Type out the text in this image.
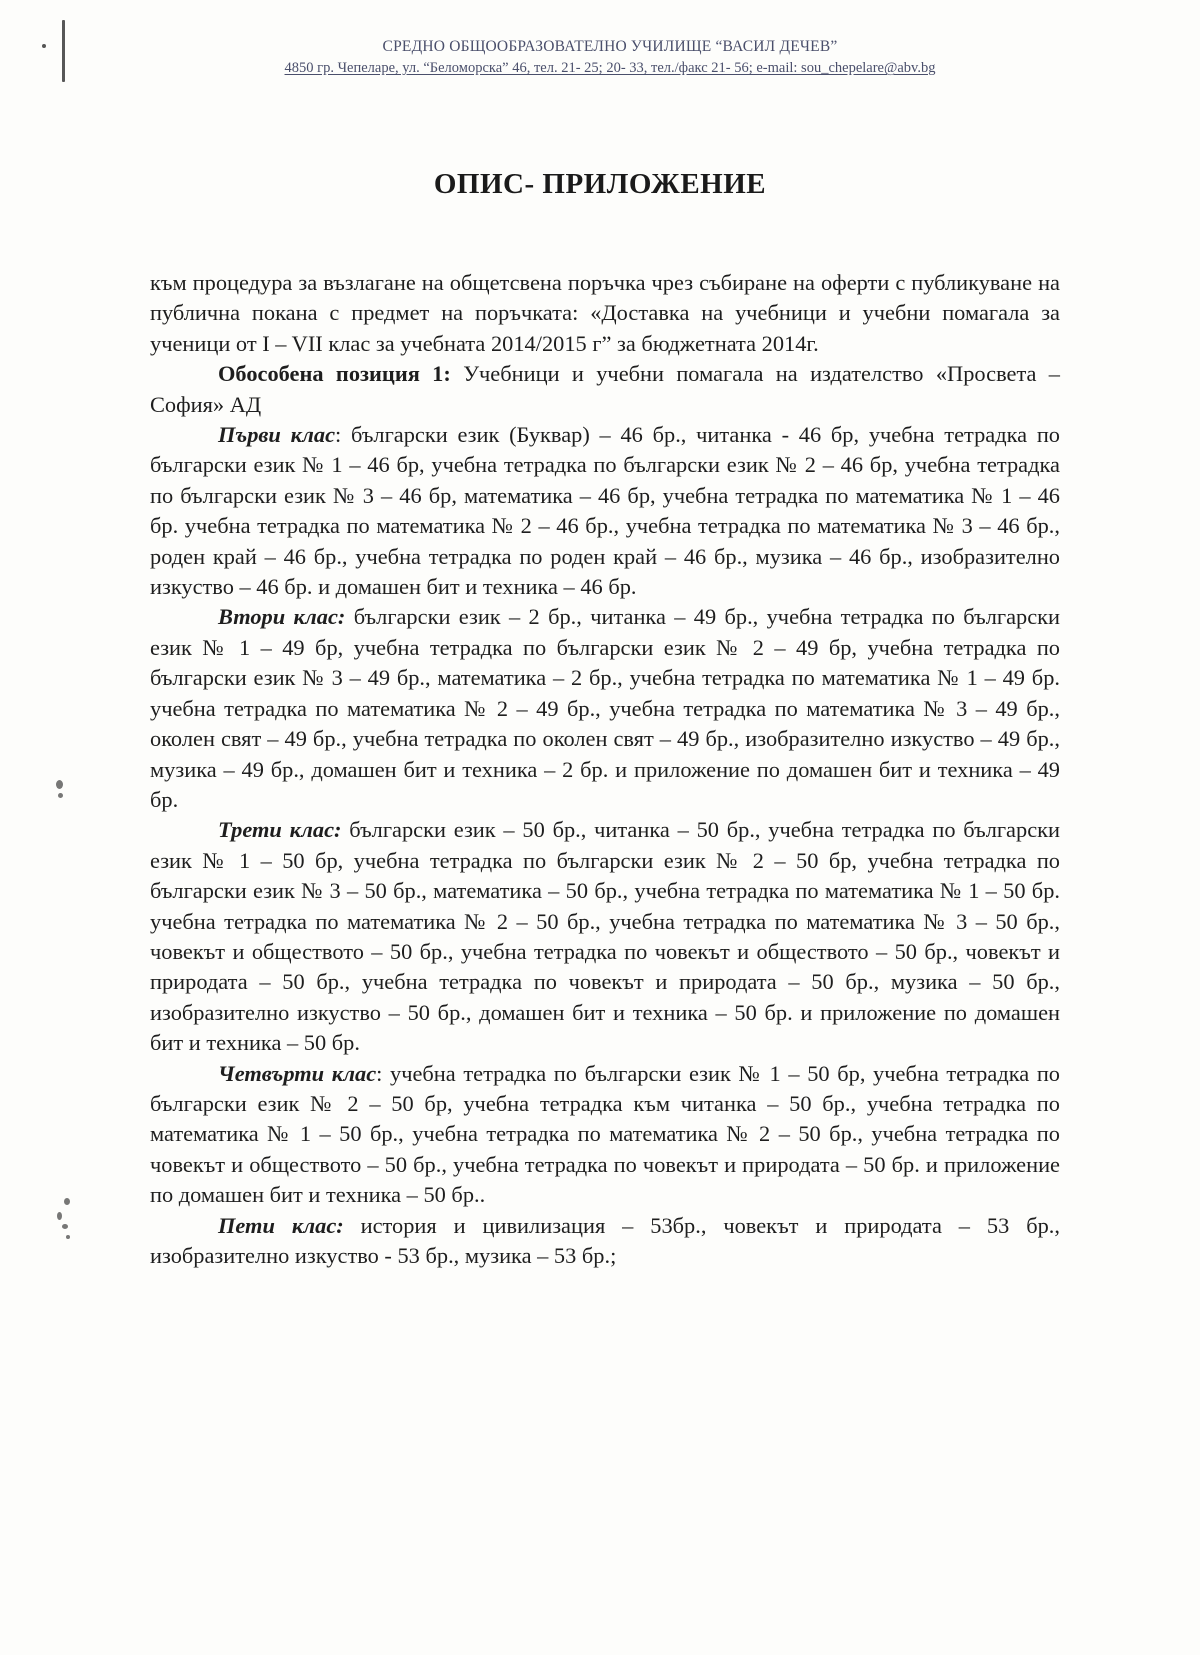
СРЕДНО ОБЩООБРАЗОВАТЕЛНО УЧИЛИЩЕ “ВАСИЛ ДЕЧЕВ”
4850 гр. Чепеларе, ул. “Беломорска” 46, тел. 21- 25; 20- 33, тел./факс 21- 56; e-mail: sou_chepelare@abv.bg
ОПИС- ПРИЛОЖЕНИЕ

към процедура за възлагане на общетсвена поръчка чрез събиране на оферти с публикуване на публична покана с предмет на поръчката: «Доставка на учебници и учебни помагала за ученици от I – VII клас за учебната 2014/2015 г” за бюджетната 2014г.

Обособена позиция 1: Учебници и учебни помагала на издателство «Просвета – София» АД

Първи клас: български език (Буквар) – 46 бр., читанка - 46 бр, учебна тетрадка по български език № 1 – 46 бр, учебна тетрадка по български език № 2 – 46 бр, учебна тетрадка по български език № 3 – 46 бр, математика – 46 бр, учебна тетрадка по математика № 1 – 46 бр. учебна тетрадка по математика № 2 – 46 бр., учебна тетрадка по математика № 3 – 46 бр., роден край – 46 бр., учебна тетрадка по роден край – 46 бр., музика – 46 бр., изобразително изкуство – 46 бр. и домашен бит и техника – 46 бр.

Втори клас: български език – 2 бр., читанка – 49 бр., учебна тетрадка по български език № 1 – 49 бр, учебна тетрадка по български език № 2 – 49 бр, учебна тетрадка по български език № 3 – 49 бр., математика – 2 бр., учебна тетрадка по математика № 1 – 49 бр. учебна тетрадка по математика № 2 – 49 бр., учебна тетрадка по математика № 3 – 49 бр., околен свят – 49 бр., учебна тетрадка по околен свят – 49 бр., изобразително изкуство – 49 бр., музика – 49 бр., домашен бит и техника – 2 бр. и приложение по домашен бит и техника – 49 бр.

Трети клас: български език – 50 бр., читанка – 50 бр., учебна тетрадка по български език № 1 – 50 бр, учебна тетрадка по български език № 2 – 50 бр, учебна тетрадка по български език № 3 – 50 бр., математика – 50 бр., учебна тетрадка по математика № 1 – 50 бр. учебна тетрадка по математика № 2 – 50 бр., учебна тетрадка по математика № 3 – 50 бр., човекът и обществото – 50 бр., учебна тетрадка по човекът и обществото – 50 бр., човекът и природата – 50 бр., учебна тетрадка по човекът и природата – 50 бр., музика – 50 бр., изобразително изкуство – 50 бр., домашен бит и техника – 50 бр. и приложение по домашен бит и техника – 50 бр.

Четвърти клас: учебна тетрадка по български език № 1 – 50 бр, учебна тетрадка по български език № 2 – 50 бр, учебна тетрадка към читанка – 50 бр., учебна тетрадка по математика № 1 – 50 бр., учебна тетрадка по математика № 2 – 50 бр., учебна тетрадка по човекът и обществото – 50 бр., учебна тетрадка по човекът и природата – 50 бр. и приложение по домашен бит и техника – 50 бр..

Пети клас: история и цивилизация – 53бр., човекът и природата – 53 бр., изобразително изкуство - 53 бр., музика – 53 бр.;
